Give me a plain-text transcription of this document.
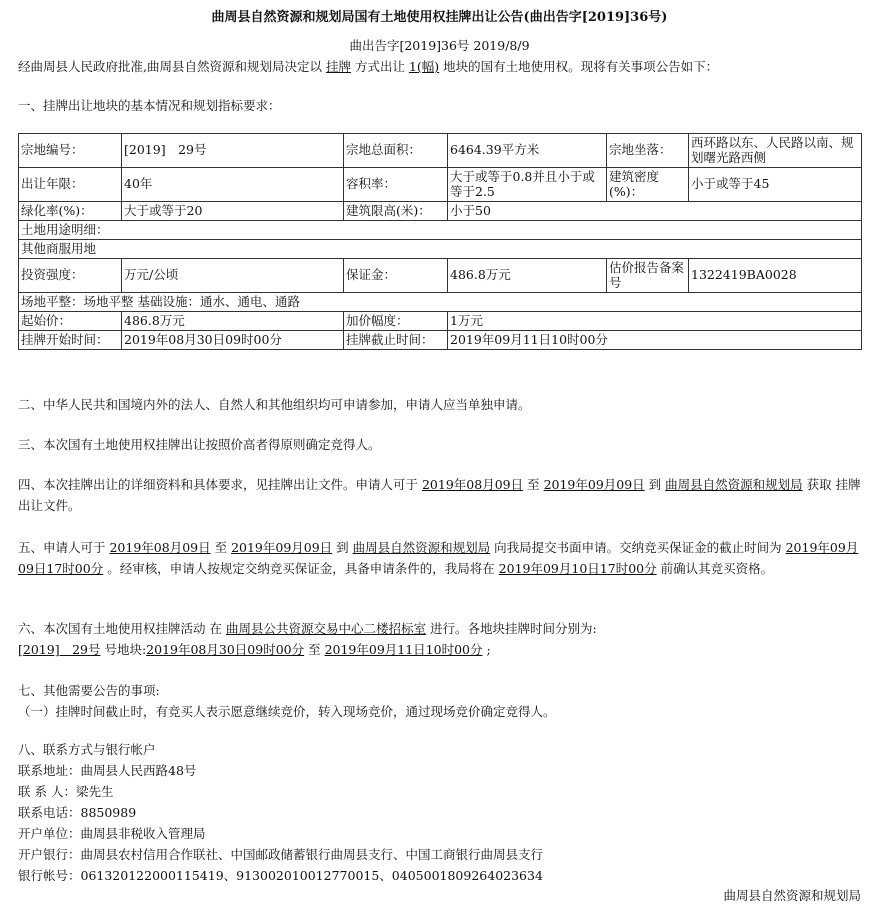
曲周县自然资源和规划局国有土地使用权挂牌出让公告(曲出告字[2019]36号)
曲出告字[2019]36号 2019/8/9
经曲周县人民政府批准,曲周县自然资源和规划局决定以 挂牌 方式出让 1(幅) 地块的国有土地使用权。现将有关事项公告如下：
一、挂牌出让地块的基本情况和规划指标要求：
宗地编号：	[2019]　29号	宗地总面积：	6464.39平方米	宗地坐落：	西环路以东、人民路以南、规划曙光路西侧
出让年限：	40年	容积率：	大于或等于0.8并且小于或等于2.5	建筑密度(%)：	小于或等于45
绿化率(%)：	大于或等于20	建筑限高(米)：	小于50		
土地用途明细：					
其他商服用地					
投资强度：	万元/公顷	保证金：	486.8万元	估价报告备案号	1322419BA0028
场地平整：场地平整 基础设施：通水、通电、通路					
起始价：	486.8万元	加价幅度：	1万元		
挂牌开始时间：	2019年08月30日09时00分	挂牌截止时间：	2019年09月11日10时00分		
二、中华人民共和国境内外的法人、自然人和其他组织均可申请参加，申请人应当单独申请。
三、本次国有土地使用权挂牌出让按照价高者得原则确定竞得人。
四、本次挂牌出让的详细资料和具体要求，见挂牌出让文件。申请人可于 2019年08月09日 至 2019年09月09日 到 曲周县自然资源和规划局 获取 挂牌 出让文件。
五、申请人可于 2019年08月09日 至 2019年09月09日 到 曲周县自然资源和规划局 向我局提交书面申请。交纳竞买保证金的截止时间为 2019年09月09日17时00分 。经审核，申请人按规定交纳竞买保证金，具备申请条件的，我局将在 2019年09月10日17时00分 前确认其竞买资格。
六、本次国有土地使用权挂牌活动 在 曲周县公共资源交易中心二楼招标室 进行。各地块挂牌时间分别为:
[2019]　29号 号地块:2019年08月30日09时00分 至 2019年09月11日10时00分 ;
七、其他需要公告的事项:
（一）挂牌时间截止时，有竞买人表示愿意继续竞价，转入现场竞价，通过现场竞价确定竞得人。
八、联系方式与银行帐户
联系地址：曲周县人民西路48号
联 系 人：梁先生
联系电话：8850989
开户单位：曲周县非税收入管理局
开户银行：曲周县农村信用合作联社、中国邮政储蓄银行曲周县支行、中国工商银行曲周县支行
银行帐号：061320122000115419、913002010012770015、0405001809264023634
曲周县自然资源和规划局
